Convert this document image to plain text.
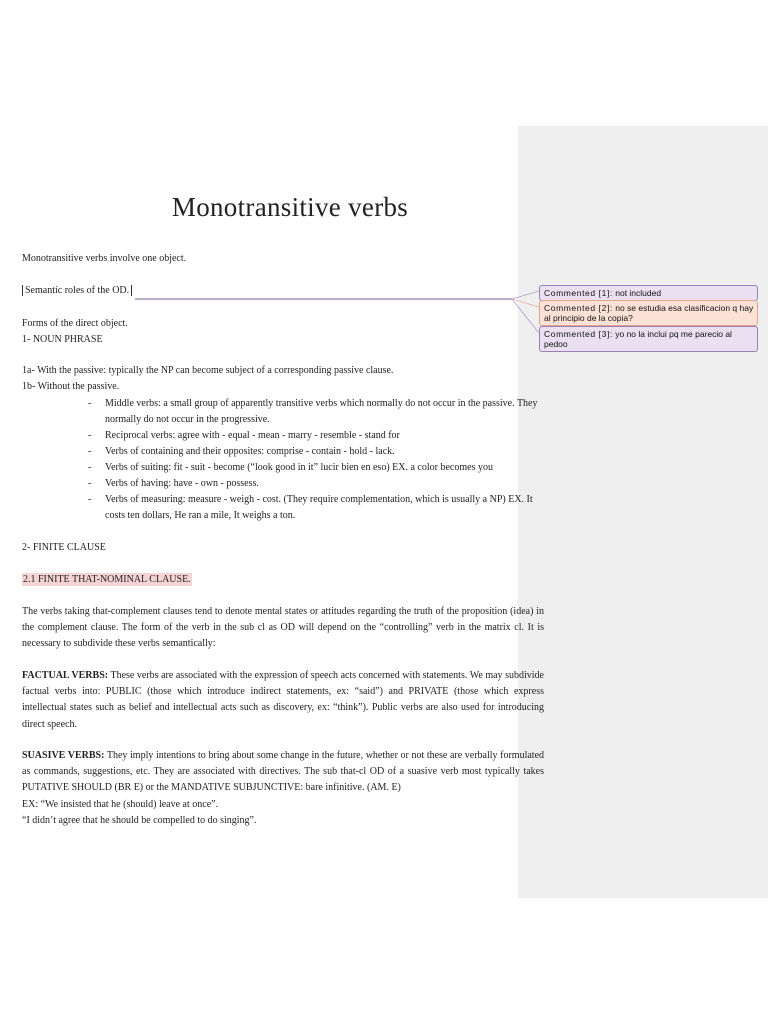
Monotransitive verbs
Monotransitive verbs involve one object.
Semantic roles of the OD.
Forms of the direct object.
1- NOUN PHRASE
1a- With the passive: typically the NP can become subject of a corresponding passive clause.
1b- Without the passive.
- Middle verbs: a small group of apparently transitive verbs which normally do not occur in the passive. They normally do not occur in the progressive.
- Reciprocal verbs: agree with - equal - mean - marry - resemble - stand for
- Verbs of containing and their opposites: comprise - contain - hold - lack.
- Verbs of suiting: fit - suit - become (“look good in it” lucir bien en eso) EX. a color becomes you
- Verbs of having: have - own - possess.
- Verbs of measuring: measure - weigh - cost. (They require complementation, which is usually a NP) EX. It costs ten dollars, He ran a mile, It weighs a ton.
2- FINITE CLAUSE
2.1 FINITE THAT-NOMINAL CLAUSE.
The verbs taking that-complement clauses tend to denote mental states or attitudes regarding the truth of the proposition (idea) in the complement clause. The form of the verb in the sub cl as OD will depend on the “controlling” verb in the matrix cl. It is necessary to subdivide these verbs semantically:
FACTUAL VERBS: These verbs are associated with the expression of speech acts concerned with statements. We may subdivide factual verbs into: PUBLIC (those which introduce indirect statements, ex: “said”) and PRIVATE (those which express intellectual states such as belief and intellectual acts such as discovery, ex: “think”). Public verbs are also used for introducing direct speech.
SUASIVE VERBS: They imply intentions to bring about some change in the future, whether or not these are verbally formulated as commands, suggestions, etc. They are associated with directives. The sub that-cl OD of a suasive verb most typically takes PUTATIVE SHOULD (BR E) or the MANDATIVE SUBJUNCTIVE: bare infinitive. (AM. E)
EX: “We insisted that he (should) leave at once”.
“I didn’t agree that he should be compelled to do singing”.
Commented [1]: not included
Commented [2]: no se estudia esa clasificacion q hay al principio de la copia?
Commented [3]: yo no la inclui pq me parecio al pedoo
